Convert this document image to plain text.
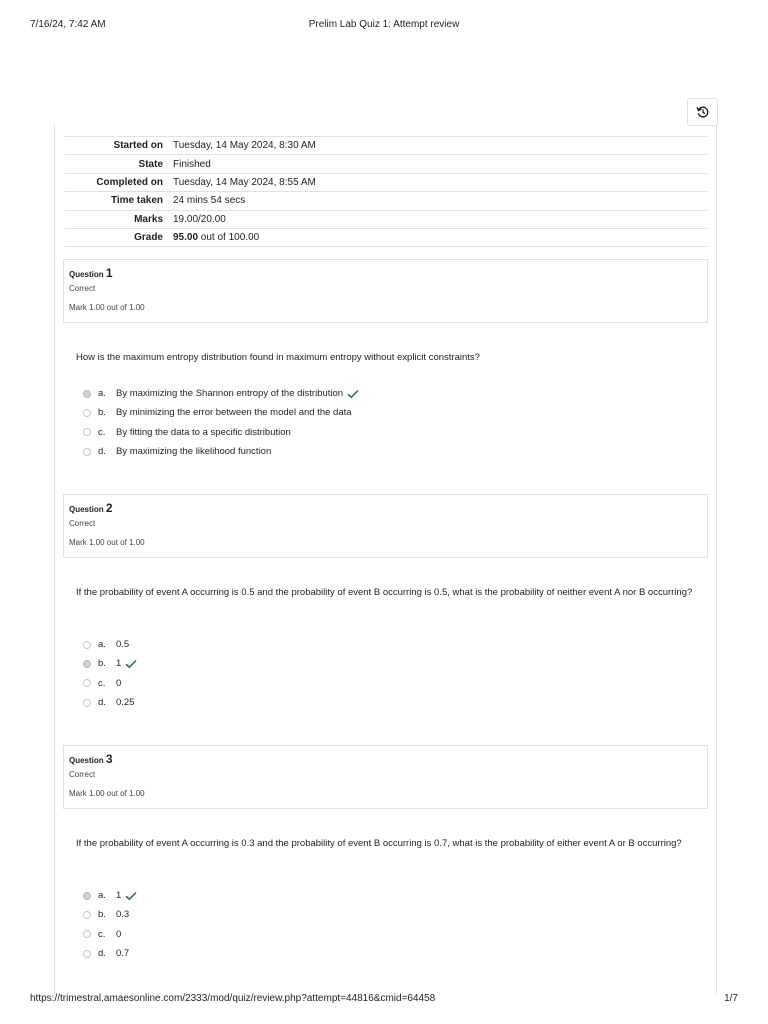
7/16/24, 7:42 AM	Prelim Lab Quiz 1: Attempt review
Started on	Tuesday, 14 May 2024, 8:30 AM
State	Finished
Completed on	Tuesday, 14 May 2024, 8:55 AM
Time taken	24 mins 54 secs
Marks	19.00/20.00
Grade	95.00 out of 100.00
Question 1
Correct
Mark 1.00 out of 1.00
How is the maximum entropy distribution found in maximum entropy without explicit constraints?
a.	By maximizing the Shannon entropy of the distribution
b.	By minimizing the error between the model and the data
c.	By fitting the data to a specific distribution
d.	By maximizing the likelihood function
Question 2
Correct
Mark 1.00 out of 1.00
If the probability of event A occurring is 0.5 and the probability of event B occurring is 0.5, what is the probability of neither event A nor B occurring?
a.	0.5
b.	1
c.	0
d.	0.25
Question 3
Correct
Mark 1.00 out of 1.00
If the probability of event A occurring is 0.3 and the probability of event B occurring is 0.7, what is the probability of either event A or B occurring?
a.	1
b.	0.3
c.	0
d.	0.7
https://trimestral.amaesonline.com/2333/mod/quiz/review.php?attempt=44816&cmid=64458	1/7
